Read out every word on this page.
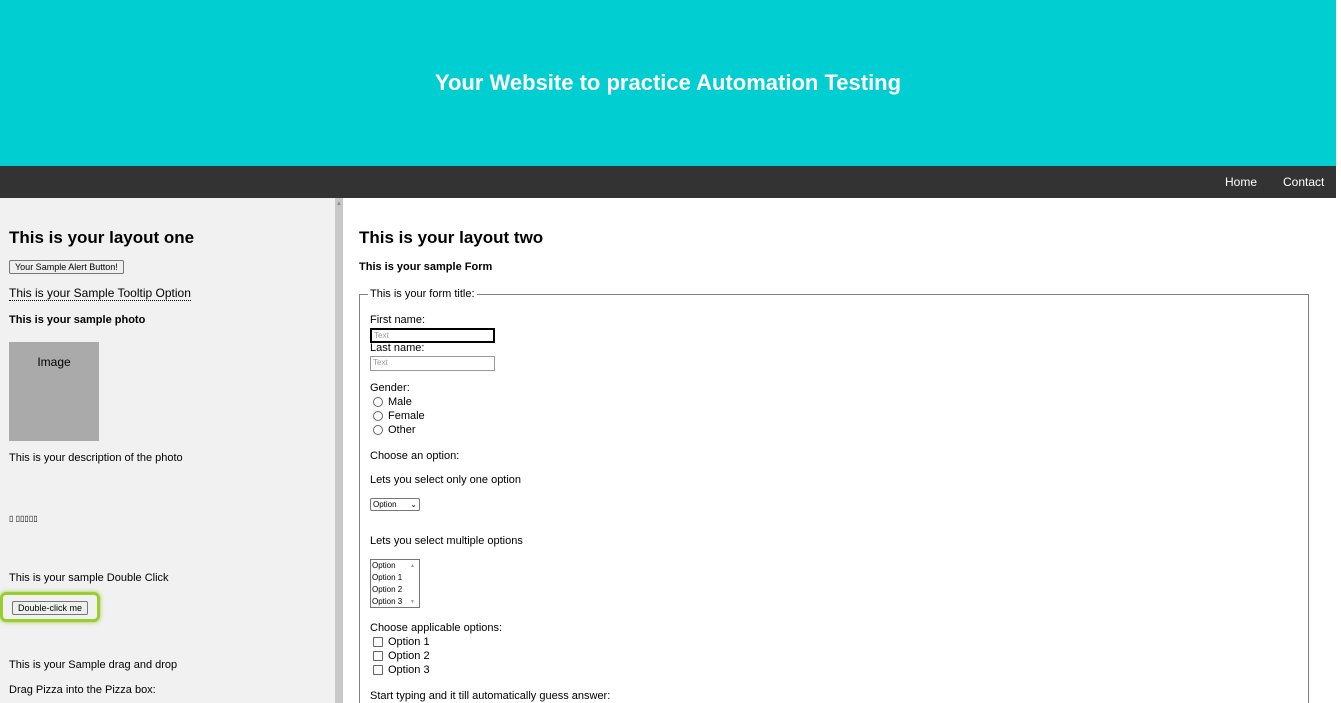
Your Website to practice Automation Testing
Home Contact
This is your layout one
Your Sample Alert Button!
This is your Sample Tooltip Option
This is your sample photo
Image
This is your description of the photo
▯ ▯▯▯▯▯
This is your sample Double Click
Double-click me
This is your Sample drag and drop
Drag Pizza into the Pizza box:
▲
This is your layout two
This is your sample Form
This is your form title:
First name:
Text
Last name:
Text
Gender:
Male
Female
Other
Choose an option:
Lets you select only one option
Option ⌄
Lets you select multiple options
Option
Option 1
Option 2
Option 3
▲

▼
Choose applicable options:
Option 1
Option 2
Option 3
Start typing and it till automatically guess answer:
